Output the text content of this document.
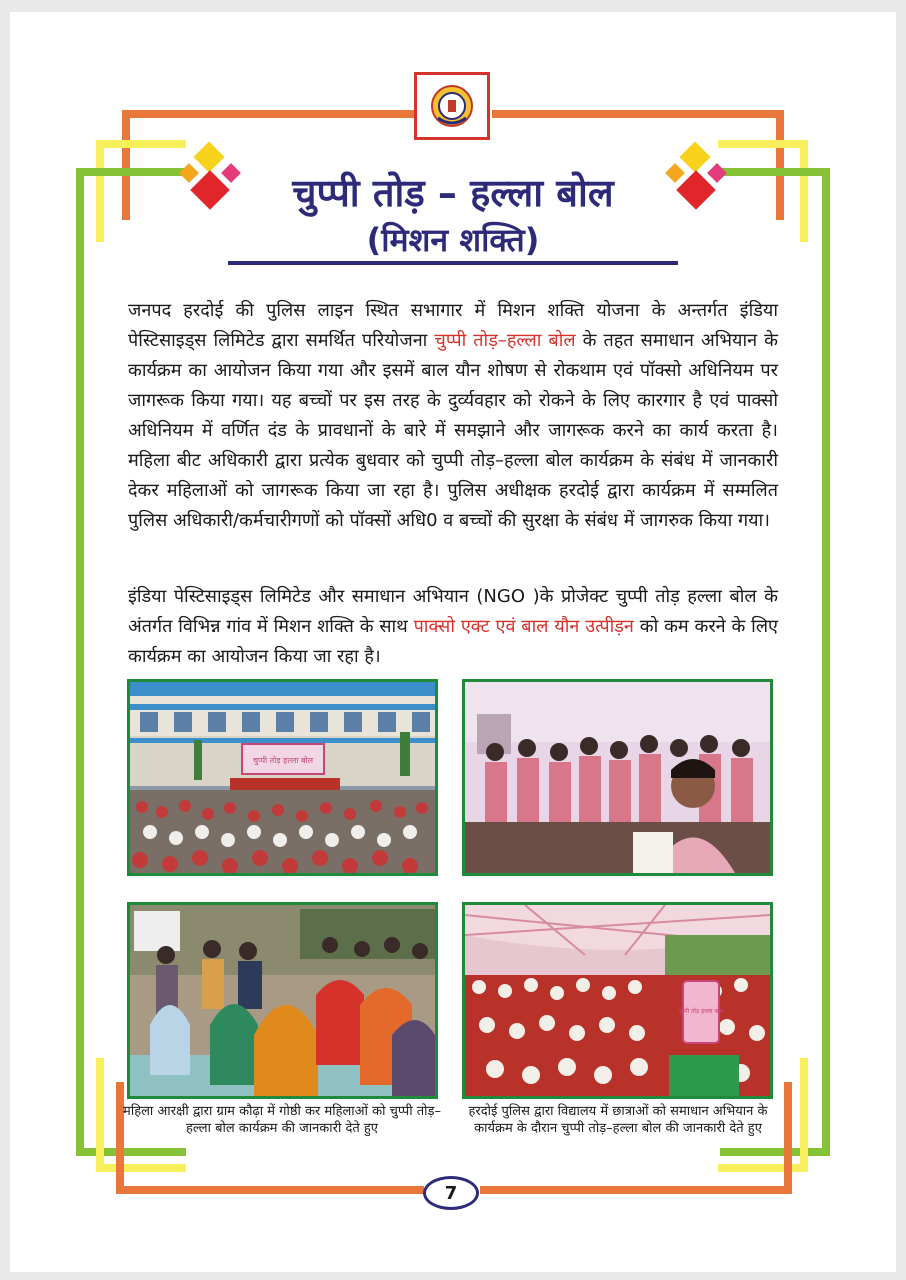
चुप्पी तोड़ – हल्ला बोल
(मिशन शक्ति)
जनपद हरदोई की पुलिस लाइन स्थित सभागार में मिशन शक्ति योजना के अन्तर्गत इंडिया पेस्टिसाइड्स लिमिटेड द्वारा समर्थित परियोजना चुप्पी तोड़–हल्ला बोल के तहत समाधान अभियान के कार्यक्रम का आयोजन किया गया और इसमें बाल यौन शोषण से रोकथाम एवं पॉक्सो अधिनियम पर जागरूक किया गया। यह बच्चों पर इस तरह के दुर्व्यवहार को रोकने के लिए कारगार है एवं पाक्सो अधिनियम में वर्णित दंड के प्रावधानों के बारे में समझाने और जागरूक करने का कार्य करता है। महिला बीट अधिकारी द्वारा प्रत्येक बुधवार को चुप्पी तोड़–हल्ला बोल कार्यक्रम के संबंध में जानकारी देकर महिलाओं को जागरूक किया जा रहा है। पुलिस अधीक्षक हरदोई द्वारा कार्यक्रम में सम्मलित पुलिस अधिकारी/कर्मचारीगणों को पॉक्सों अधि0 व बच्चों की सुरक्षा के संबंध में जागरुक किया गया।
इंडिया पेस्टिसाइड्स लिमिटेड और समाधान अभियान (NGO )के प्रोजेक्ट चुप्पी तोड़ हल्ला बोल के अंतर्गत विभिन्न गांव में मिशन शक्ति के साथ पाक्सो एक्ट एवं बाल यौन उत्पीड़न को कम करने के लिए कार्यक्रम का आयोजन किया जा रहा है।
चुप्पी तोड़ हल्ला बोल
चुप्पी तोड़ हल्ला बोल
महिला आरक्षी द्वारा ग्राम कौढ़ा में गोष्ठी कर महिलाओं को चुप्पी तोड़–हल्ला बोल कार्यक्रम की जानकारी देते हुए
हरदोई पुलिस द्वारा विद्यालय में छात्राओं को समाधान अभियान के कार्यक्रम के दौरान चुप्पी तोड़–हल्ला बोल की जानकारी देते हुए
7
